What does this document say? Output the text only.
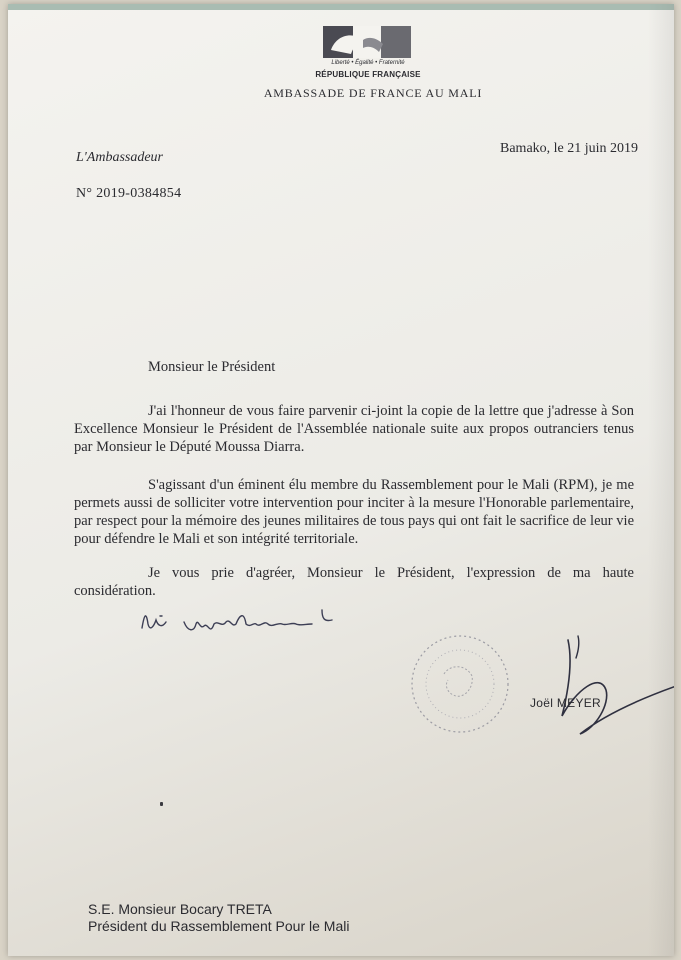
Liberté • Égalité • Fraternité
RÉPUBLIQUE FRANÇAISE
AMBASSADE DE FRANCE AU MALI
L'Ambassadeur
Bamako, le 21 juin 2019
N° 2019-0384854
Monsieur le Président
J'ai l'honneur de vous faire parvenir ci-joint la copie de la lettre que j'adresse à Son Excellence Monsieur le Président de l'Assemblée nationale suite aux propos outranciers tenus par Monsieur le Député Moussa Diarra.
S'agissant d'un éminent élu membre du Rassemblement pour le Mali (RPM), je me permets aussi de solliciter votre intervention pour inciter à la mesure l'Honorable parlementaire, par respect pour la mémoire des jeunes militaires de tous pays qui ont fait le sacrifice de leur vie pour défendre le Mali et son intégrité territoriale.
Je vous prie d'agréer, Monsieur le Président, l'expression de ma haute considération.
Joël MEYER
S.E. Monsieur Bocary TRETA
Président du Rassemblement Pour le Mali
